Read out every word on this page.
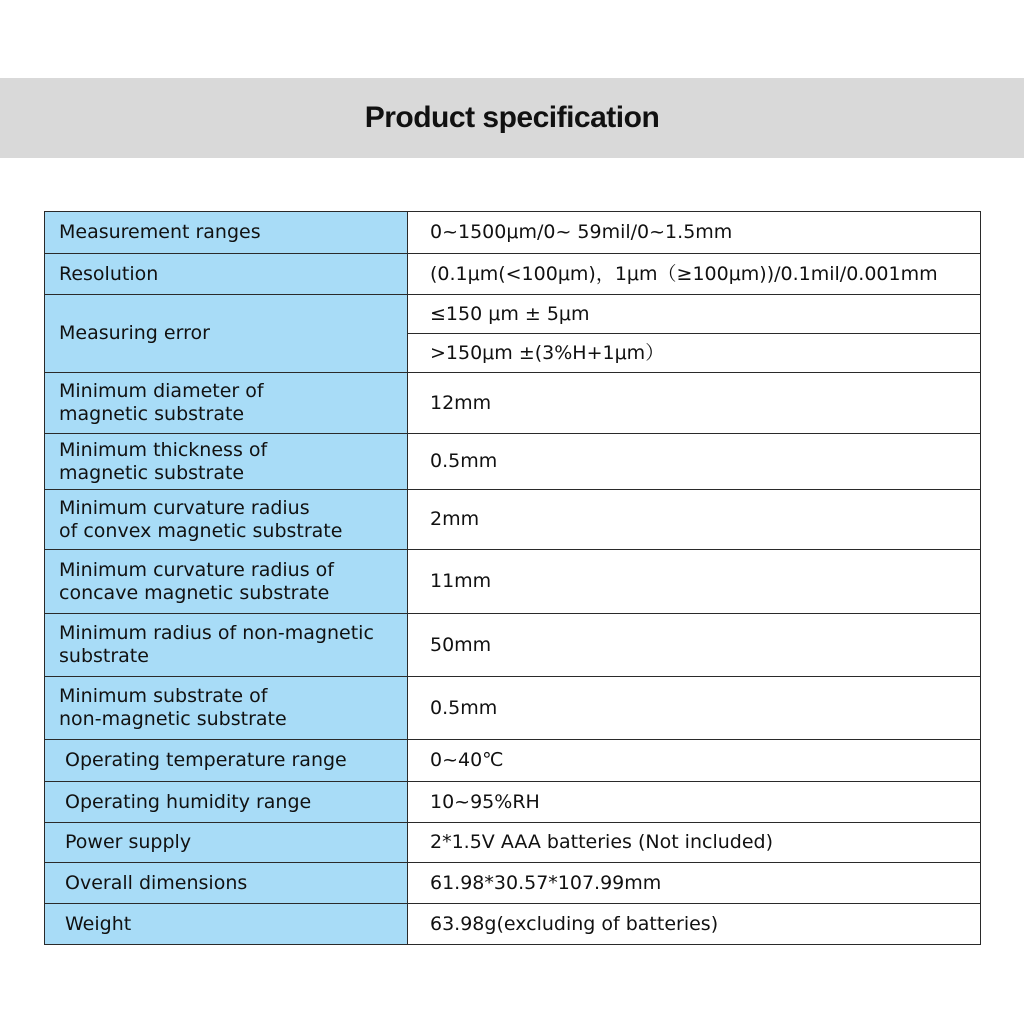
Product specification
Measurement ranges	0~1500μm/0~ 59mil/0~1.5mm
Resolution	(0.1μm(<100μm)，1μm（≥100μm))/0.1mil/0.001mm
Measuring error	≤150 μm ± 5μm
	>150μm ±(3%H+1μm）
Minimum diameter of
magnetic substrate	12mm
Minimum thickness of
magnetic substrate	0.5mm
Minimum curvature radius
of convex magnetic substrate	2mm
Minimum curvature radius of
concave magnetic substrate	11mm
Minimum radius of non-magnetic
substrate	50mm
Minimum substrate of
non-magnetic substrate	0.5mm
Operating temperature range	0~40℃
Operating humidity range	10~95%RH
Power supply	2*1.5V AAA batteries (Not included)
Overall dimensions	61.98*30.57*107.99mm
Weight	63.98g(excluding of batteries)
